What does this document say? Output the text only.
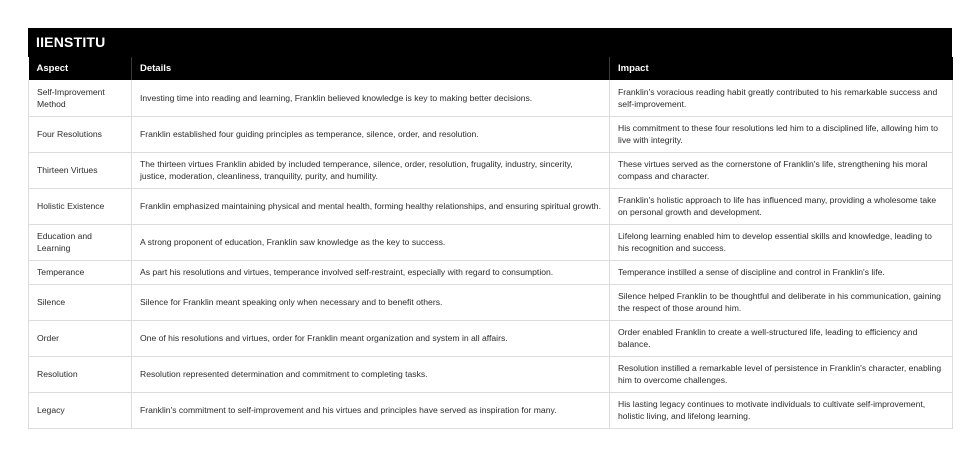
IIENSTITU
Aspect	Details	Impact
Self-Improvement Method	Investing time into reading and learning, Franklin believed knowledge is key to making better decisions.	Franklin's voracious reading habit greatly contributed to his remarkable success and self-improvement.
Four Resolutions	Franklin established four guiding principles as temperance, silence, order, and resolution.	His commitment to these four resolutions led him to a disciplined life, allowing him to live with integrity.
Thirteen Virtues	The thirteen virtues Franklin abided by included temperance, silence, order, resolution, frugality, industry, sincerity, justice, moderation, cleanliness, tranquility, purity, and humility.	These virtues served as the cornerstone of Franklin's life, strengthening his moral compass and character.
Holistic Existence	Franklin emphasized maintaining physical and mental health, forming healthy relationships, and ensuring spiritual growth.	Franklin's holistic approach to life has influenced many, providing a wholesome take on personal growth and development.
Education and Learning	A strong proponent of education, Franklin saw knowledge as the key to success.	Lifelong learning enabled him to develop essential skills and knowledge, leading to his recognition and success.
Temperance	As part his resolutions and virtues, temperance involved self-restraint, especially with regard to consumption.	Temperance instilled a sense of discipline and control in Franklin's life.
Silence	Silence for Franklin meant speaking only when necessary and to benefit others.	Silence helped Franklin to be thoughtful and deliberate in his communication, gaining the respect of those around him.
Order	One of his resolutions and virtues, order for Franklin meant organization and system in all affairs.	Order enabled Franklin to create a well-structured life, leading to efficiency and balance.
Resolution	Resolution represented determination and commitment to completing tasks.	Resolution instilled a remarkable level of persistence in Franklin's character, enabling him to overcome challenges.
Legacy	Franklin's commitment to self-improvement and his virtues and principles have served as inspiration for many.	His lasting legacy continues to motivate individuals to cultivate self-improvement, holistic living, and lifelong learning.
